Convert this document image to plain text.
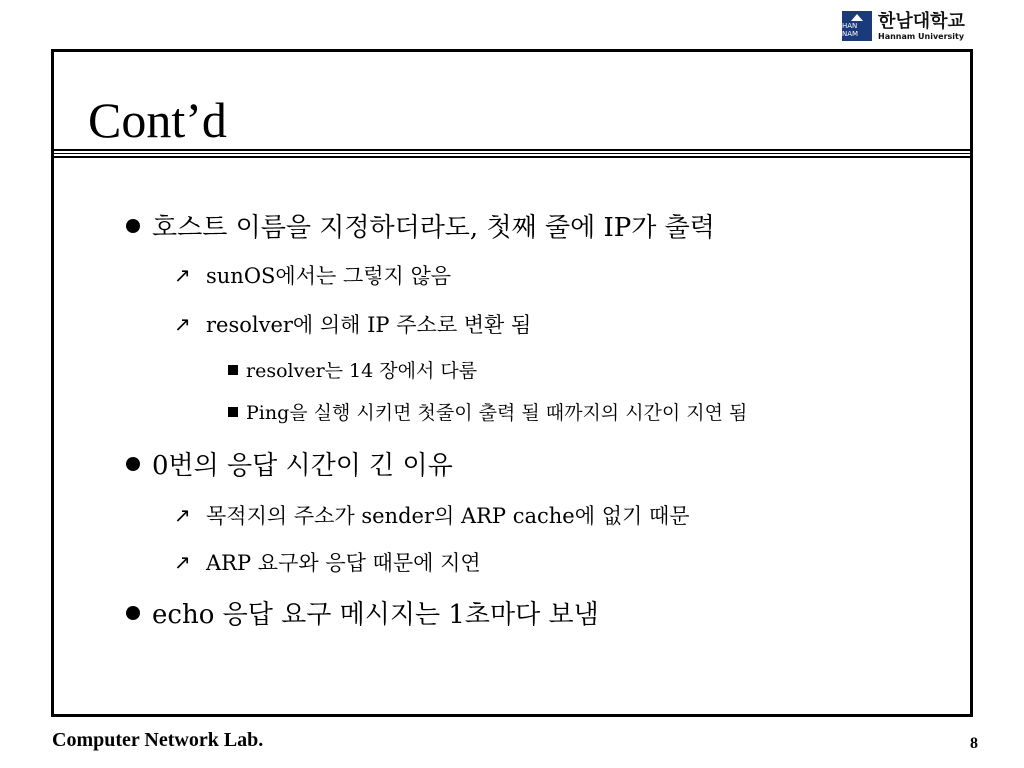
HAN NAM
한남대학교
Hannam University
Cont’d
호스트 이름을 지정하더라도, 첫째 줄에 IP가 출력
↗ sunOS에서는 그렇지 않음
↗ resolver에 의해 IP 주소로 변환 됨
resolver는 14 장에서 다룸
Ping을 실행 시키면 첫줄이 출력 될 때까지의 시간이 지연 됨
0번의 응답 시간이 긴 이유
↗ 목적지의 주소가 sender의 ARP cache에 없기 때문
↗ ARP 요구와 응답 때문에 지연
echo 응답 요구 메시지는 1초마다 보냄
Computer Network Lab.	8
